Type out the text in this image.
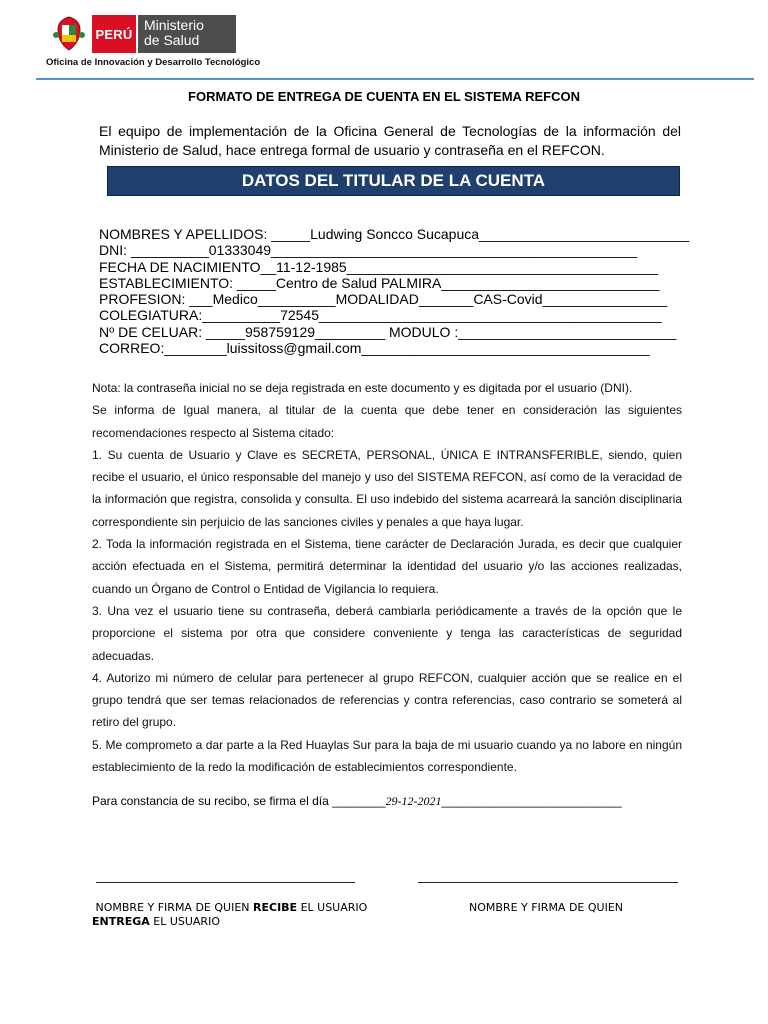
PERÚ
Ministerio
de Salud
Oficina de Innovación y Desarrollo Tecnológico
FORMATO DE ENTREGA DE CUENTA EN EL SISTEMA REFCON
El equipo de implementación de la Oficina General de Tecnologías de la información del Ministerio de Salud, hace entrega formal de usuario y contraseña en el REFCON.
DATOS DEL TITULAR DE LA CUENTA
NOMBRES Y APELLIDOS: _____Ludwing Soncco Sucapuca___________________________
DNI: __________01333049_______________________________________________
FECHA DE NACIMIENTO__11-12-1985________________________________________
ESTABLECIMIENTO: _____Centro de Salud PALMIRA____________________________
PROFESION: ___Medico__________MODALIDAD_______CAS-Covid________________
COLEGIATURA:__________72545____________________________________________
Nº DE CELUAR: _____958759129_________ MODULO :____________________________
CORREO:________luissitoss@gmail.com_____________________________________

Nota: la contraseña inicial no se deja registrada en este documento y es digitada por el usuario (DNI).

Se informa de Igual manera, al titular de la cuenta que debe tener en consideración las siguientes recomendaciones respecto al Sistema citado:

1. Su cuenta de Usuario y Clave es SECRETA, PERSONAL, ÚNICA E INTRANSFERIBLE, siendo, quien recibe el usuario, el único responsable del manejo y uso del SISTEMA REFCON, así como de la veracidad de la información que registra, consolida y consulta. El uso indebido del sistema acarreará la sanción disciplinaria correspondiente sin perjuicio de las sanciones civiles y penales a que haya lugar.

2. Toda la información registrada en el Sistema, tiene carácter de Declaración Jurada, es decir que cualquier acción efectuada en el Sistema, permitirá determinar la identidad del usuario y/o las acciones realizadas, cuando un Órgano de Control o Entidad de Vigilancia lo requiera.

3. Una vez el usuario tiene su contraseña, deberá cambiarla periódicamente a través de la opción que le proporcione el sistema por otra que considere conveniente y tenga las características de seguridad adecuadas.

4. Autorizo mi número de celular para pertenecer al grupo REFCON, cualquier acción que se realice en el grupo tendrá que ser temas relacionados de referencias y contra referencias, caso contrario se someterá al retiro del grupo.

5. Me comprometo a dar parte a la Red Huaylas Sur para la baja de mi usuario cuando ya no labore en ningún establecimiento de la redo la modificación de establecimientos correspondiente.

Para constancia de su recibo, se firma el día ________29-12-2021___________________________
NOMBRE Y FIRMA DE QUIEN RECIBE EL USUARIO
ENTREGA EL USUARIO
NOMBRE Y FIRMA DE QUIEN
